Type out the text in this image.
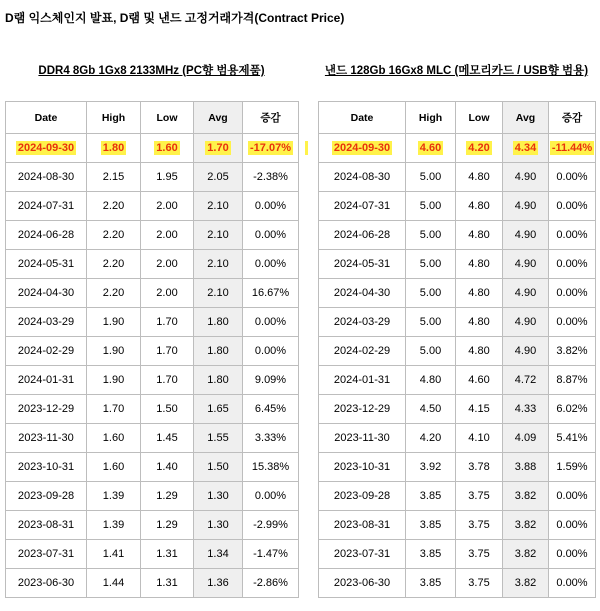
D램 익스체인지 발표, D램 및 낸드 고정거래가격(Contract Price)
DDR4 8Gb 1Gx8 2133MHz (PC향 범용제품)	낸드 128Gb 16Gx8 MLC (메모리카드 / USB향 범용)
Date	High	Low	Avg	증감
2024-09-30	1.80	1.60	1.70	-17.07%
2024-08-30	2.15	1.95	2.05	-2.38%
2024-07-31	2.20	2.00	2.10	0.00%
2024-06-28	2.20	2.00	2.10	0.00%
2024-05-31	2.20	2.00	2.10	0.00%
2024-04-30	2.20	2.00	2.10	16.67%
2024-03-29	1.90	1.70	1.80	0.00%
2024-02-29	1.90	1.70	1.80	0.00%
2024-01-31	1.90	1.70	1.80	9.09%
2023-12-29	1.70	1.50	1.65	6.45%
2023-11-30	1.60	1.45	1.55	3.33%
2023-10-31	1.60	1.40	1.50	15.38%
2023-09-28	1.39	1.29	1.30	0.00%
2023-08-31	1.39	1.29	1.30	-2.99%
2023-07-31	1.41	1.31	1.34	-1.47%
2023-06-30	1.44	1.31	1.36	-2.86%
Date	High	Low	Avg	증감
2024-09-30	4.60	4.20	4.34	-11.44%
2024-08-30	5.00	4.80	4.90	0.00%
2024-07-31	5.00	4.80	4.90	0.00%
2024-06-28	5.00	4.80	4.90	0.00%
2024-05-31	5.00	4.80	4.90	0.00%
2024-04-30	5.00	4.80	4.90	0.00%
2024-03-29	5.00	4.80	4.90	0.00%
2024-02-29	5.00	4.80	4.90	3.82%
2024-01-31	4.80	4.60	4.72	8.87%
2023-12-29	4.50	4.15	4.33	6.02%
2023-11-30	4.20	4.10	4.09	5.41%
2023-10-31	3.92	3.78	3.88	1.59%
2023-09-28	3.85	3.75	3.82	0.00%
2023-08-31	3.85	3.75	3.82	0.00%
2023-07-31	3.85	3.75	3.82	0.00%
2023-06-30	3.85	3.75	3.82	0.00%
